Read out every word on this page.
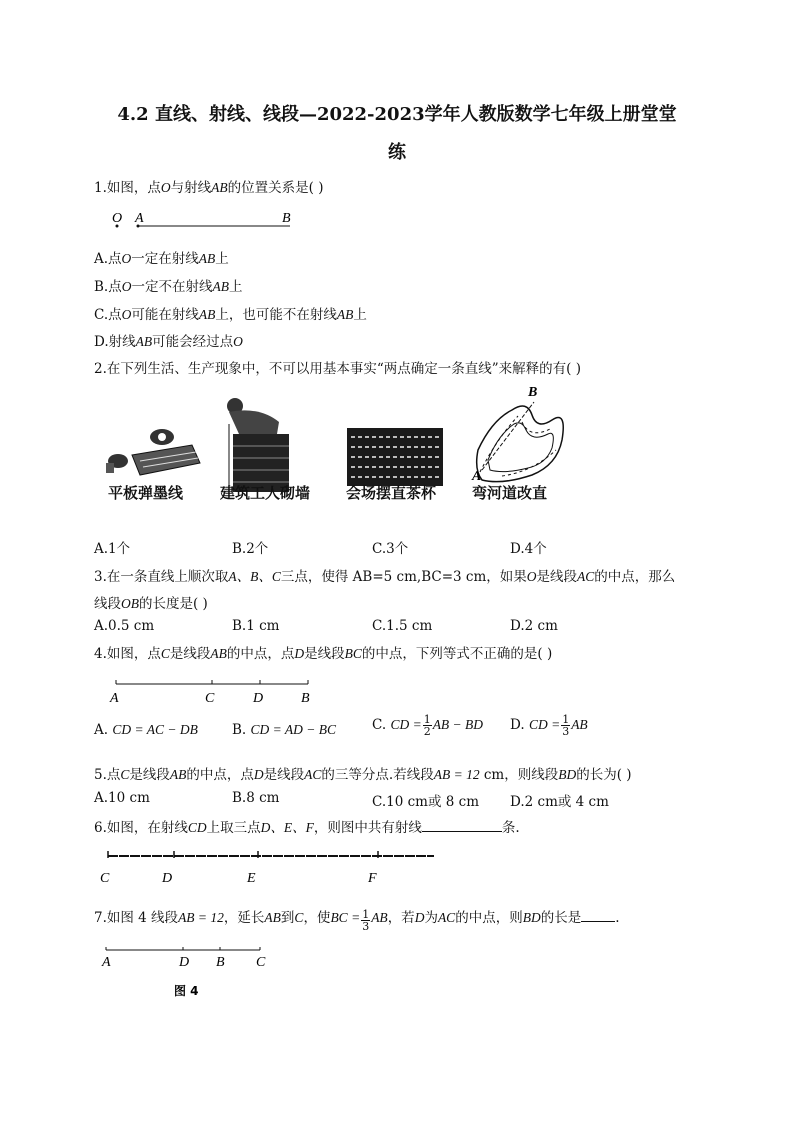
4.2 直线、射线、线段—2022-2023学年人教版数学七年级上册堂堂
练
1.如图，点O与射线AB的位置关系是( )
O A	B
A.点O一定在射线AB上
B.点O一定不在射线AB上
C.点O可能在射线AB上，也可能不在射线AB上
D.射线AB可能会经过点O
2.在下列生活、生产现象中，不可以用基本事实“两点确定一条直线”来解释的有( )
A
B
平板弹墨线 建筑工人砌墙 会场摆直茶杯 弯河道改直
A.1个	B.2个	C.3个	D.4个
3.在一条直线上顺次取A、B、C三点，使得 AB=5 cm,BC=3 cm，如果O是线段AC的中点，那么
线段OB的长度是( )
A.0.5 cm	B.1 cm	C.1.5 cm	D.2 cm
4.如图，点C是线段AB的中点，点D是线段BC的中点，下列等式不正确的是( )
A	C	D	B
A. CD = AC − DB	B. CD = AD − BC	C. CD = $\frac{1}{2}$ AB − BD D. CD = $\frac{1}{3}$ AB
5.点C是线段AB的中点，点D是线段AC的三等分点.若线段AB = 12 cm，则线段BD的长为( )
A.10 cm	B.8 cm	C.10 cm或 8 cm D.2 cm或 4 cm
6.如图，在射线CD上取三点D、E、F，则图中共有射线	条.
C	D	E	F
7.如图 4 线段AB = 12，延长AB到C，使BC = $\frac{1}{3}$ AB，若D为AC的中点，则BD的长是	.
A	D B C
图 4
